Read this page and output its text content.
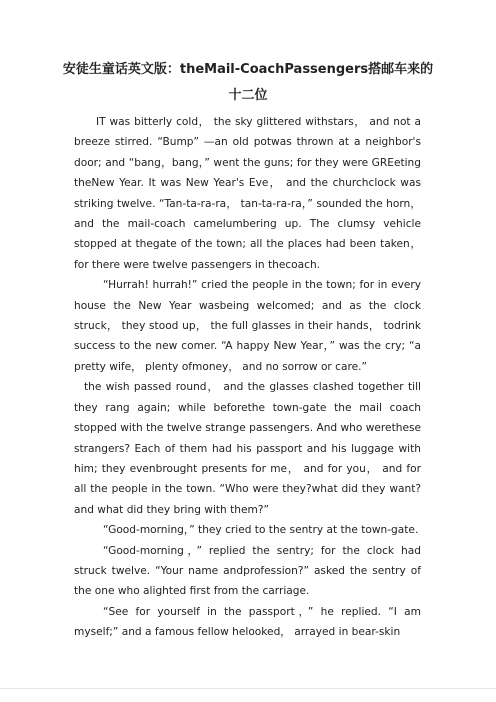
安徒生童话英文版：theMail-CoachPassengers搭邮车来的
十二位

IT was bitterly cold， the sky glittered withstars， and not a breeze stirred. “Bump” —an old potwas thrown at a neighbor's door; and “bang，bang，” went the guns; for they were GREeting theNew Year. It was New Year's Eve， and the churchclock was striking twelve. “Tan-ta-ra-ra， tan-ta-ra-ra，” sounded the horn， and the mail-coach camelumbering up. The clumsy vehicle stopped at thegate of the town; all the places had been taken， for there were twelve passengers in thecoach.

“Hurrah! hurrah!” cried the people in the town; for in every house the New Year wasbeing welcomed; and as the clock struck， they stood up， the full glasses in their hands， todrink success to the new comer. “A happy New Year，” was the cry; “a pretty wife， plenty ofmoney， and no sorrow or care.”

the wish passed round， and the glasses clashed together till they rang again; while beforethe town-gate the mail coach stopped with the twelve strange passengers. And who werethese strangers? Each of them had his passport and his luggage with him; they evenbrought presents for me， and for you， and for all the people in the town. “Who were they?what did they want? and what did they bring with them?”

“Good-morning，” they cried to the sentry at the town-gate.

“Good-morning，” replied the sentry; for the clock had struck twelve. “Your name andprofession?” asked the sentry of the one who alighted first from the carriage.

“See for yourself in the passport，” he replied. “I am myself;” and a famous fellow helooked， arrayed in bear-skin
